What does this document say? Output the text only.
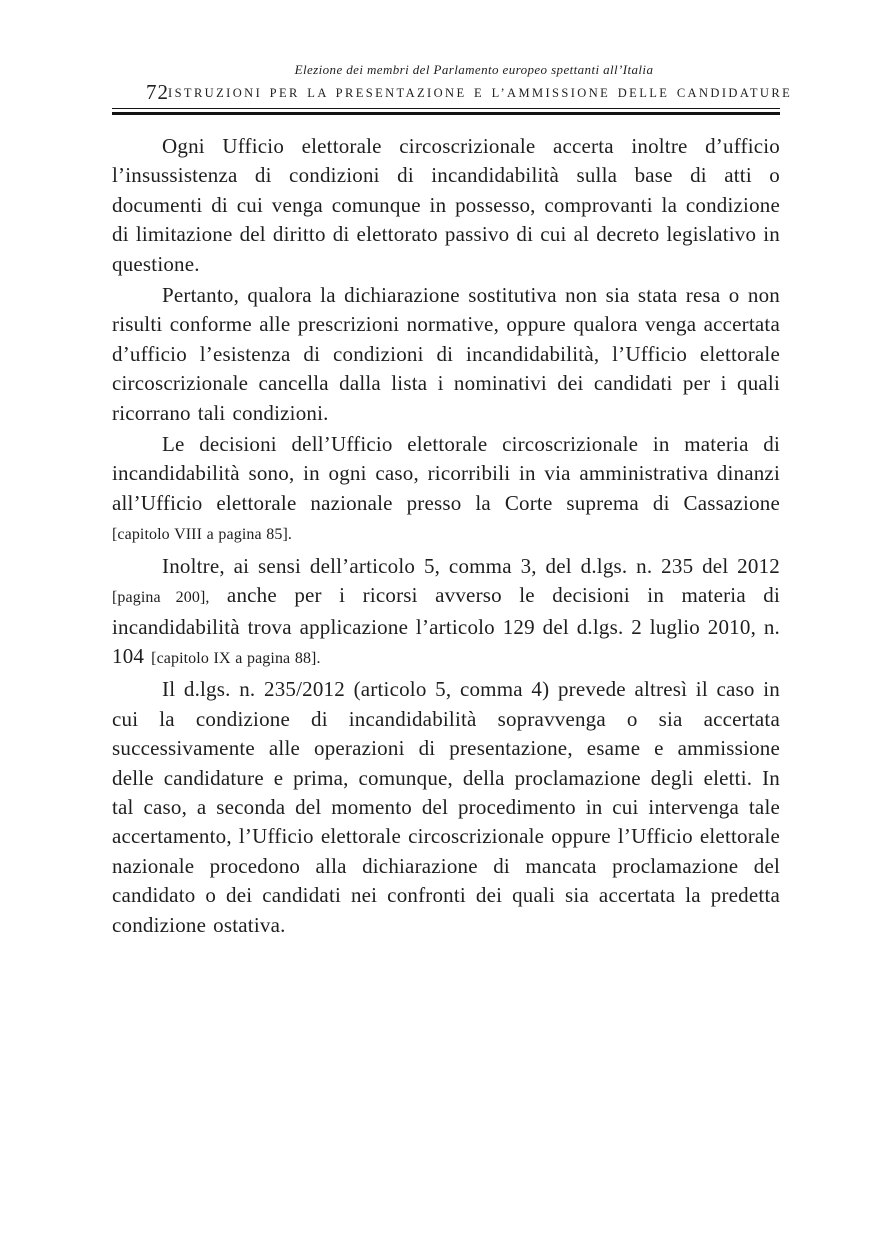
Elezione dei membri del Parlamento europeo spettanti all’Italia
72 ISTRUZIONI PER LA PRESENTAZIONE E L’AMMISSIONE DELLE CANDIDATURE

Ogni Ufficio elettorale circoscrizionale accerta inoltre d’ufficio l’insussistenza di condizioni di incandidabilità sulla base di atti o documenti di cui venga comunque in possesso, comprovanti la condizione di limitazione del diritto di elettorato passivo di cui al decreto legislativo in questione.

Pertanto, qualora la dichiarazione sostitutiva non sia stata resa o non risulti conforme alle prescrizioni normative, oppure qualora venga accertata d’ufficio l’esistenza di condizioni di incandidabilità, l’Ufficio elettorale circoscrizionale cancella dalla lista i nominativi dei candidati per i quali ricorrano tali condizioni.

Le decisioni dell’Ufficio elettorale circoscrizionale in materia di incandidabilità sono, in ogni caso, ricorribili in via amministrativa dinanzi all’Ufficio elettorale nazionale presso la Corte suprema di Cassazione [capitolo VIII a pagina 85].

Inoltre, ai sensi dell’articolo 5, comma 3, del d.lgs. n. 235 del 2012 [pagina 200], anche per i ricorsi avverso le decisioni in materia di incandidabilità trova applicazione l’articolo 129 del d.lgs. 2 luglio 2010, n. 104 [capitolo IX a pagina 88].

Il d.lgs. n. 235/2012 (articolo 5, comma 4) prevede altresì il caso in cui la condizione di incandidabilità sopravvenga o sia accertata successivamente alle operazioni di presentazione, esame e ammissione delle candidature e prima, comunque, della proclamazione degli eletti. In tal caso, a seconda del momento del procedimento in cui intervenga tale accertamento, l’Ufficio elettorale circoscrizionale oppure l’Ufficio elettorale nazionale procedono alla dichiarazione di mancata proclamazione del candidato o dei candidati nei confronti dei quali sia accertata la predetta condizione ostativa.
